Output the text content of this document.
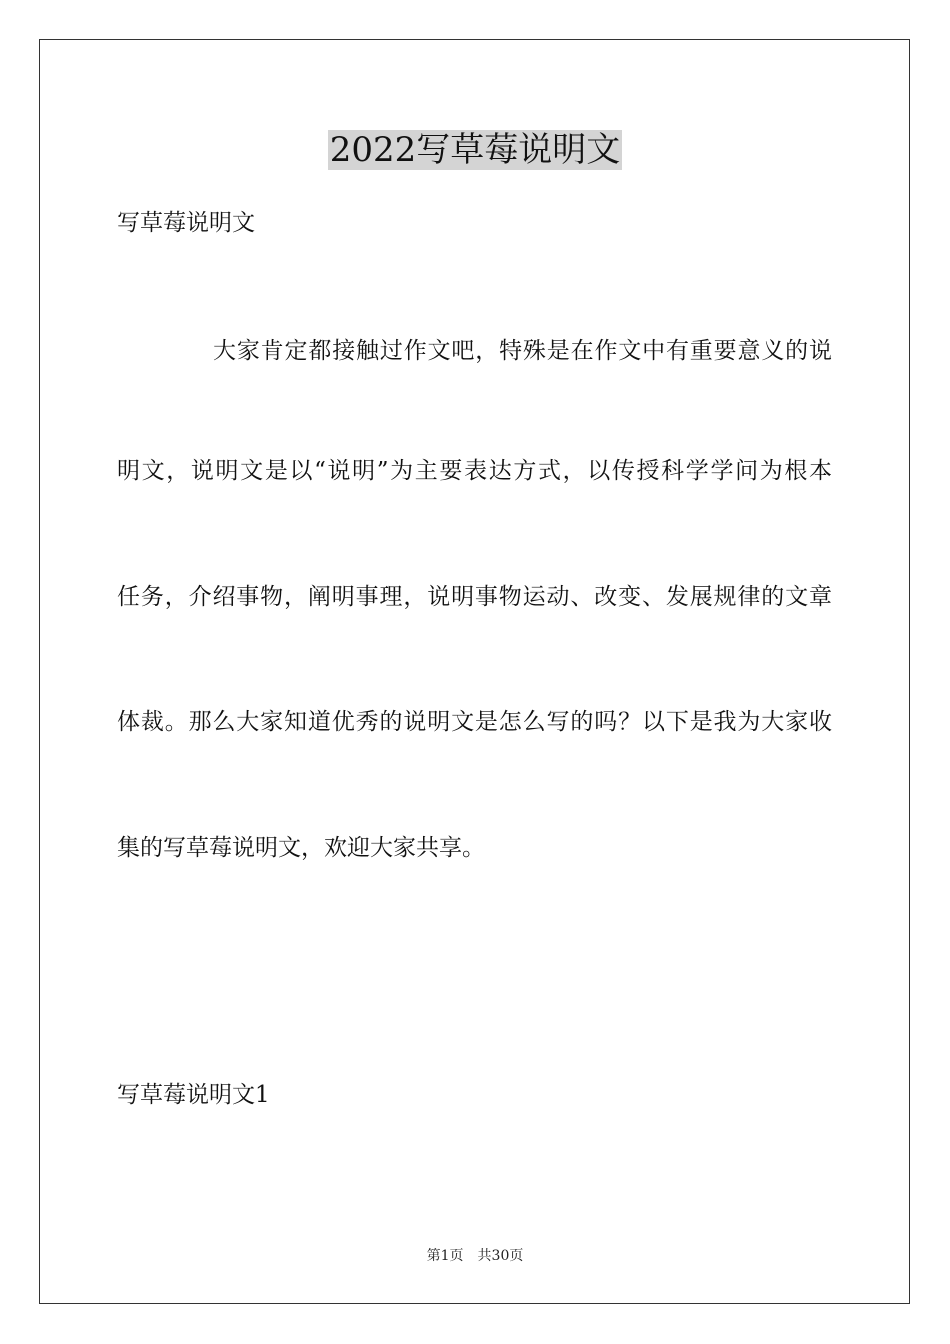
2022写草莓说明文
写草莓说明文
大家肯定都接触过作文吧，特殊是在作文中有重要意义的说
明文，说明文是以“说明”为主要表达方式，以传授科学学问为根本
任务，介绍事物，阐明事理，说明事物运动、改变、发展规律的文章
体裁。那么大家知道优秀的说明文是怎么写的吗？以下是我为大家收
集的写草莓说明文，欢迎大家共享。
写草莓说明文1
第1页 共30页
